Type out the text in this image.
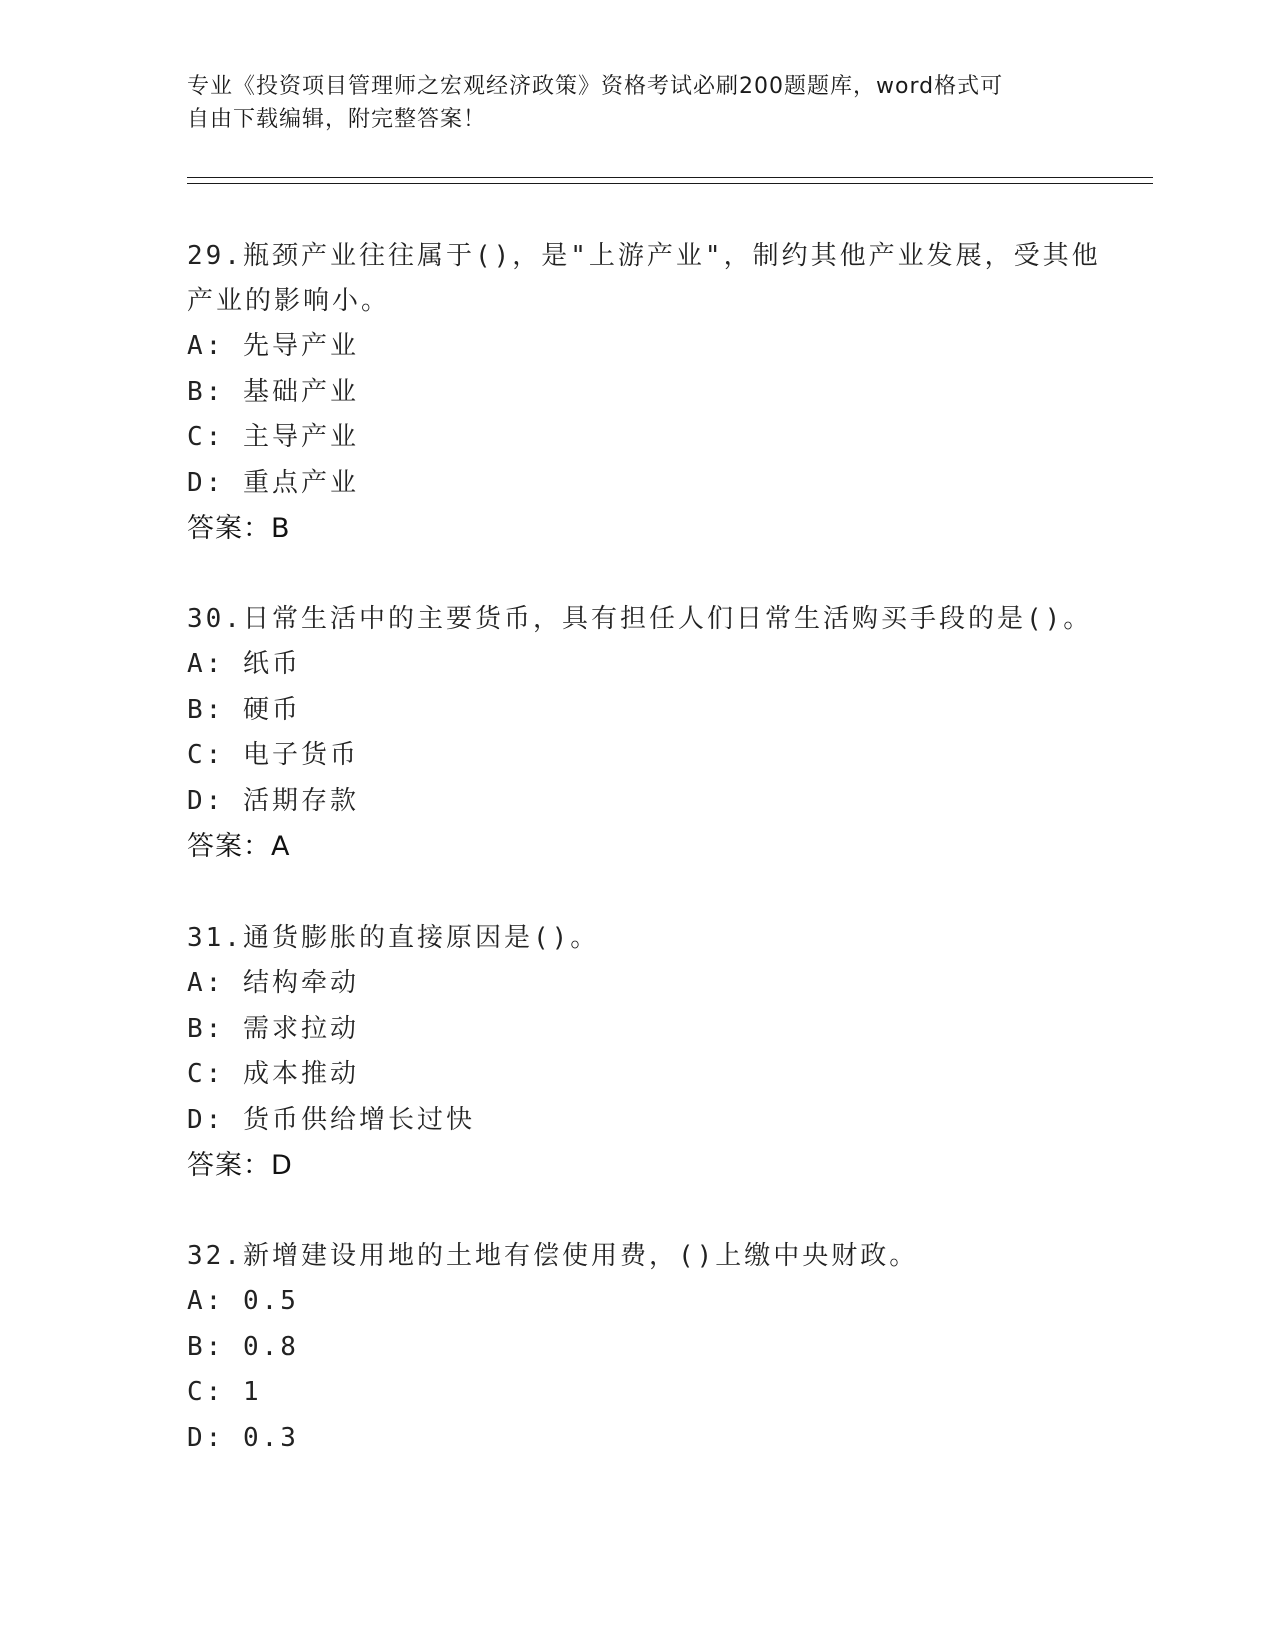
专业《投资项目管理师之宏观经济政策》资格考试必刷200题题库，word格式可
自由下载编辑，附完整答案！
29.瓶颈产业往往属于()，是"上游产业"，制约其他产业发展，受其他
产业的影响小。
A: 先导产业
B: 基础产业
C: 主导产业
D: 重点产业
答案：B
30.日常生活中的主要货币，具有担任人们日常生活购买手段的是()。
A: 纸币
B: 硬币
C: 电子货币
D: 活期存款
答案：A
31.通货膨胀的直接原因是()。
A: 结构牵动
B: 需求拉动
C: 成本推动
D: 货币供给增长过快
答案：D
32.新增建设用地的土地有偿使用费，()上缴中央财政。
A: 0.5
B: 0.8
C: 1
D: 0.3
